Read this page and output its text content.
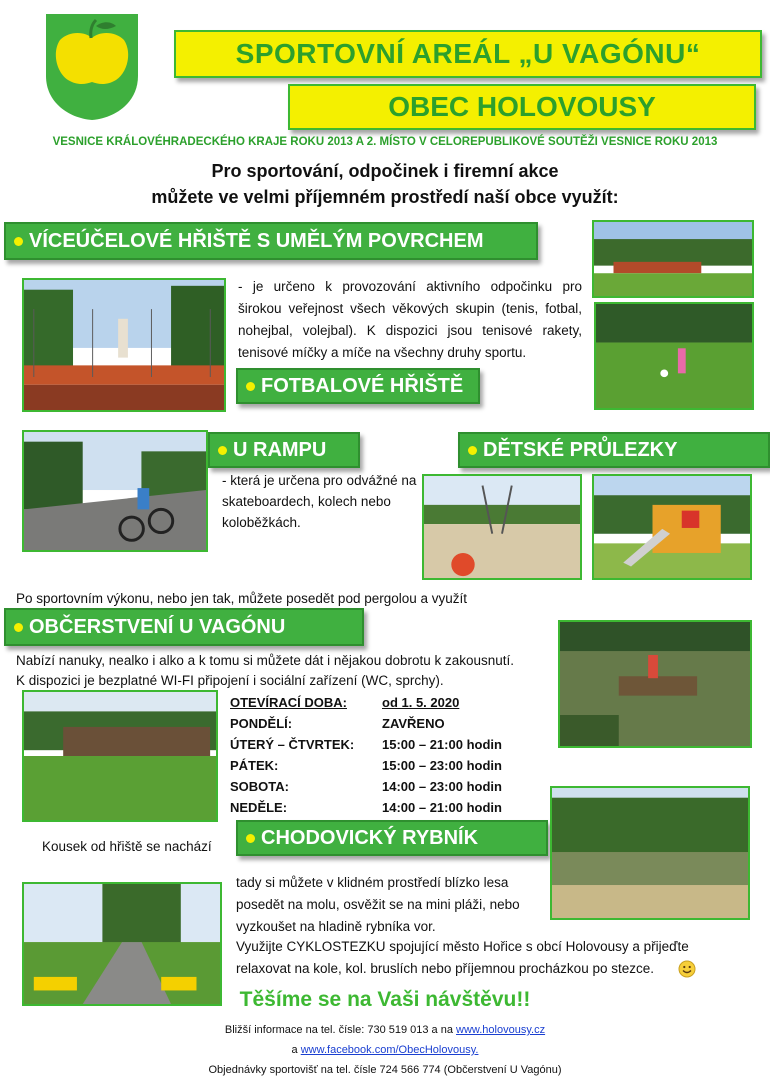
SPORTOVNÍ AREÁL „U VAGÓNU“
OBEC HOLOVOUSY
VESNICE KRÁLOVÉHRADECKÉHO KRAJE ROKU 2013 A 2. MÍSTO V CELOREPUBLIKOVÉ SOUTĚŽI VESNICE ROKU 2013
Pro sportování, odpočinek i firemní akce
můžete ve velmi příjemném prostředí naší obce využít:
VÍCEÚČELOVÉ HŘIŠTĚ S UMĚLÝM POVRCHEM

- je určeno k provozování aktivního odpočinku pro širokou veřejnost všech věkových skupin (tenis, fotbal, nohejbal, volejbal). K dispozici jsou tenisové rakety, tenisové míčky a míče na všechny druhy sportu.

FOTBALOVÉ HŘIŠTĚ
U RAMPU

- která je určena pro odvážné na skateboardech, kolech nebo koloběžkách.

DĚTSKÉ PRŮLEZKY

Po sportovním výkonu, nebo jen tak, můžete posedět pod pergolou a využít

OBČERSTVENÍ U VAGÓNU

Nabízí nanuky, nealko i alko a k tomu si můžete dát i nějakou dobrotu k zakousnutí.

K dispozici je bezplatné WI-FI připojení i sociální zařízení (WC, sprchy).

OTEVÍRACÍ DOBA:	od 1. 5. 2020
PONDĚLÍ:	ZAVŘENO
ÚTERÝ – ČTVRTEK:	15:00 – 21:00 hodin
PÁTEK:	15:00 – 23:00 hodin
SOBOTA:	14:00 – 23:00 hodin
NEDĚLE:	14:00 – 21:00 hodin

Kousek od hřiště se nachází	CHODOVICKÝ RYBNÍK

tady si můžete v klidném prostředí blízko lesa posedět na molu, osvěžit se na mini pláži, nebo vyzkoušet na hladině rybníka vor.

Využijte CYKLOSTEZKU spojující město Hořice s obcí Holovousy a přijeďte

relaxovat na kole, kol. bruslích nebo příjemnou procházkou po stezce.

Těšíme se na Vaši návštěvu!!
Bližší informace na tel. čísle: 730 519 013 a na www.holovousy.cz
a www.facebook.com/ObecHolovousy.
Objednávky sportovišť na tel. čísle 724 566 774 (Občerstvení U Vagónu)
